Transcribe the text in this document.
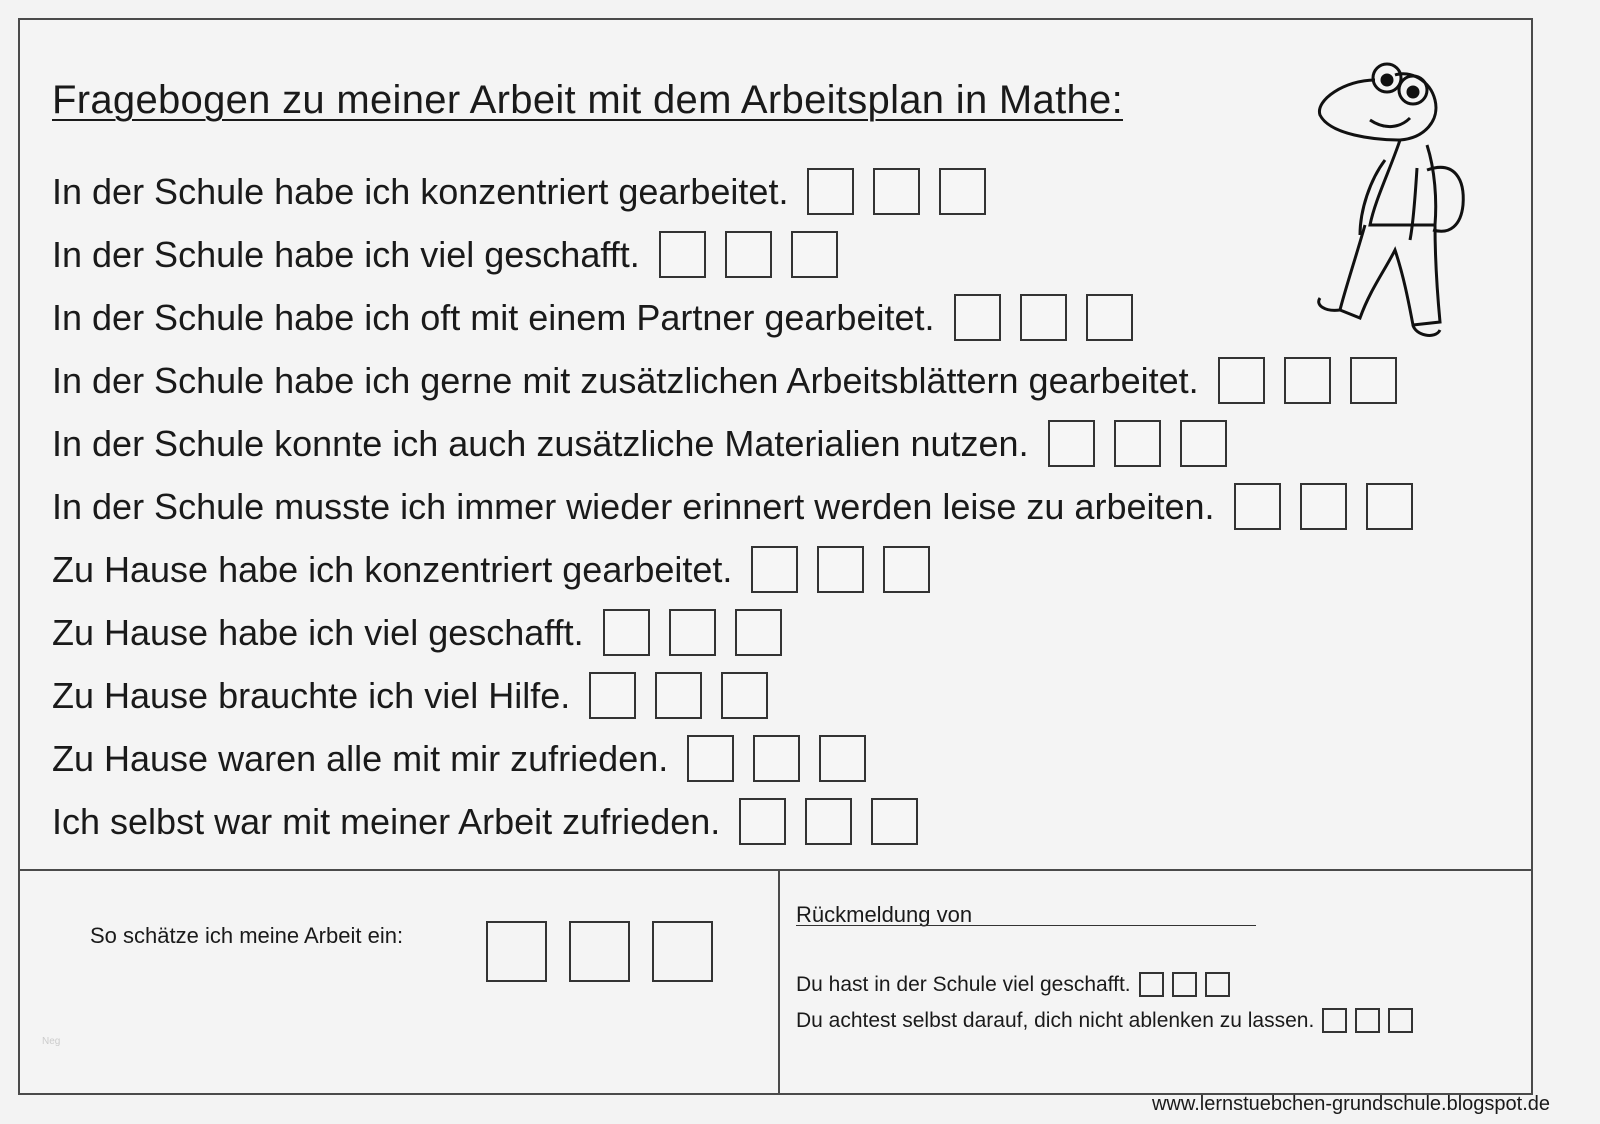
Fragebogen zu meiner Arbeit mit dem Arbeitsplan in Mathe:
In der Schule habe ich konzentriert gearbeitet.
In der Schule habe ich viel geschafft.
In der Schule habe ich oft mit einem Partner gearbeitet.
In der Schule habe ich gerne mit zusätzlichen Arbeitsblättern gearbeitet.
In der Schule konnte ich auch zusätzliche Materialien nutzen.
In der Schule musste ich immer wieder erinnert werden leise zu arbeiten.
Zu Hause habe ich konzentriert gearbeitet.
Zu Hause habe ich viel geschafft.
Zu Hause brauchte ich viel Hilfe.
Zu Hause waren alle mit mir zufrieden.
Ich selbst war mit meiner Arbeit zufrieden.
So schätze ich meine Arbeit ein:
Rückmeldung von
Du hast in der Schule viel geschafft.
Du achtest selbst darauf, dich nicht ablenken zu lassen.
Neg
www.lernstuebchen-grundschule.blogspot.de
